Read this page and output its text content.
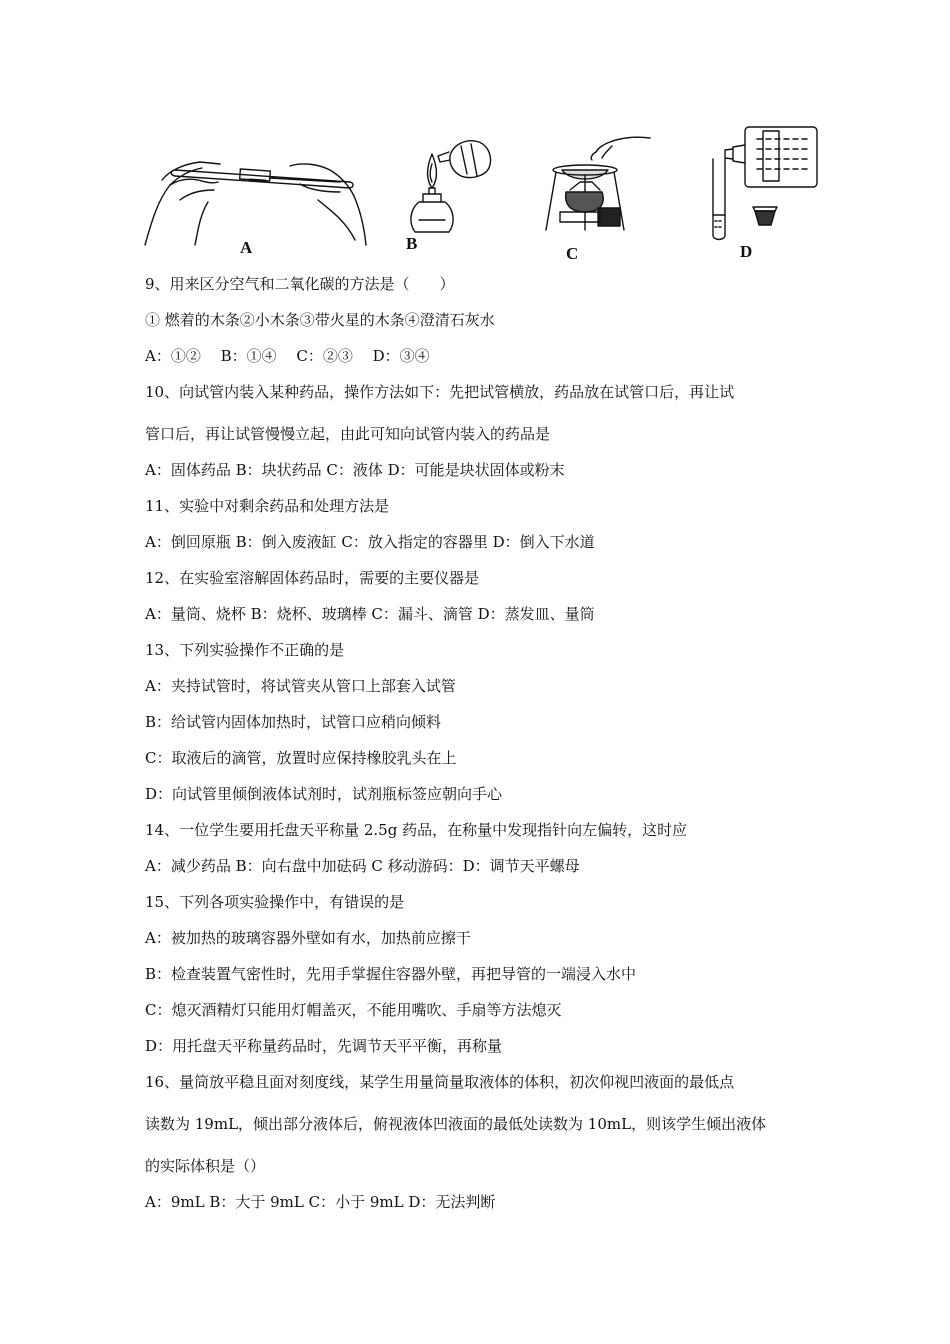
A	B
C	D
9、用来区分空气和二氧化碳的方法是（　　）
① 燃着的木条②小木条③带火星的木条④澄清石灰水
A：①②　 B：①④　 C：②③　 D：③④
10、向试管内装入某种药品，操作方法如下：先把试管横放，药品放在试管口后，再让试
管口后，再让试管慢慢立起，由此可知向试管内装入的药品是
A：固体药品 B：块状药品 C：液体 D：可能是块状固体或粉末
11、实验中对剩余药品和处理方法是
A：倒回原瓶 B：倒入废液缸 C：放入指定的容器里 D：倒入下水道
12、在实验室溶解固体药品时，需要的主要仪器是
A：量筒、烧杯 B：烧杯、玻璃棒 C：漏斗、滴管 D：蒸发皿、量筒
13、下列实验操作不正确的是
A：夹持试管时，将试管夹从管口上部套入试管
B：给试管内固体加热时，试管口应稍向倾料
C：取液后的滴管，放置时应保持橡胶乳头在上
D：向试管里倾倒液体试剂时，试剂瓶标签应朝向手心
14、一位学生要用托盘天平称量 2.5g 药品，在称量中发现指针向左偏转，这时应
A：减少药品 B：向右盘中加砝码 C 移动游码：D：调节天平螺母
15、下列各项实验操作中，有错误的是
A：被加热的玻璃容器外壁如有水，加热前应擦干
B：检查装置气密性时，先用手掌握住容器外壁，再把导管的一端浸入水中
C：熄灭酒精灯只能用灯帽盖灭，不能用嘴吹、手扇等方法熄灭
D：用托盘天平称量药品时，先调节天平平衡，再称量
16、量筒放平稳且面对刻度线，某学生用量筒量取液体的体积，初次仰视凹液面的最低点
读数为 19mL，倾出部分液体后，俯视液体凹液面的最低处读数为 10mL，则该学生倾出液体
的实际体积是（）
A：9mL B：大于 9mL C：小于 9mL D：无法判断
